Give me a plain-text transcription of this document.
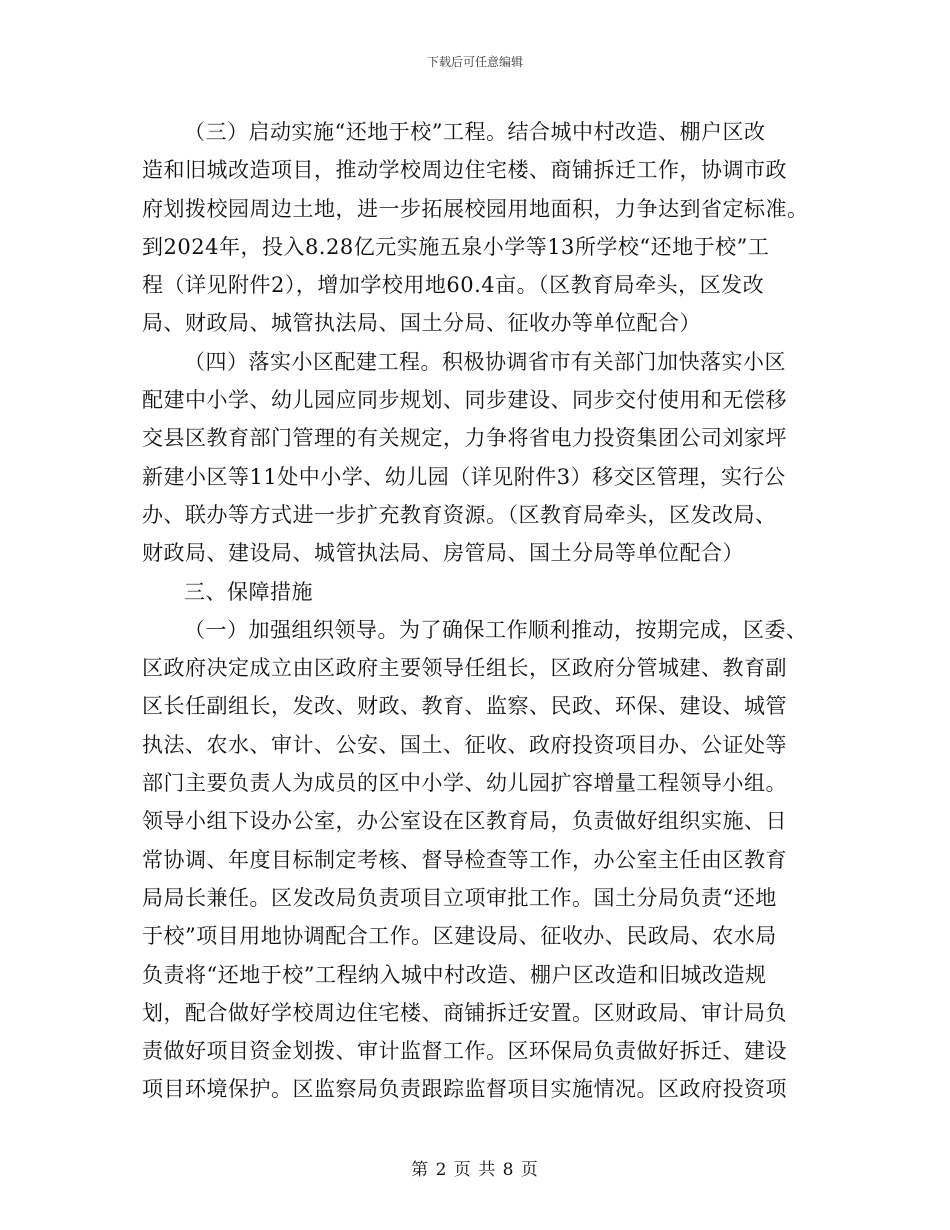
下载后可任意编辑
（三）启动实施“还地于校”工程。结合城中村改造、棚户区改
造和旧城改造项目，推动学校周边住宅楼、商铺拆迁工作，协调市政
府划拨校园周边土地，进一步拓展校园用地面积，力争达到省定标准。
到2024年，投入8.28亿元实施五泉小学等13所学校“还地于校”工
程（详见附件2），增加学校用地60.4亩。（区教育局牵头，区发改
局、财政局、城管执法局、国土分局、征收办等单位配合）
（四）落实小区配建工程。积极协调省市有关部门加快落实小区
配建中小学、幼儿园应同步规划、同步建设、同步交付使用和无偿移
交县区教育部门管理的有关规定，力争将省电力投资集团公司刘家坪
新建小区等11处中小学、幼儿园（详见附件3）移交区管理，实行公
办、联办等方式进一步扩充教育资源。（区教育局牵头，区发改局、
财政局、建设局、城管执法局、房管局、国土分局等单位配合）
三、保障措施
（一）加强组织领导。为了确保工作顺利推动，按期完成，区委、
区政府决定成立由区政府主要领导任组长，区政府分管城建、教育副
区长任副组长，发改、财政、教育、监察、民政、环保、建设、城管
执法、农水、审计、公安、国土、征收、政府投资项目办、公证处等
部门主要负责人为成员的区中小学、幼儿园扩容增量工程领导小组。
领导小组下设办公室，办公室设在区教育局，负责做好组织实施、日
常协调、年度目标制定考核、督导检查等工作，办公室主任由区教育
局局长兼任。区发改局负责项目立项审批工作。国土分局负责“还地
于校”项目用地协调配合工作。区建设局、征收办、民政局、农水局
负责将“还地于校”工程纳入城中村改造、棚户区改造和旧城改造规
划，配合做好学校周边住宅楼、商铺拆迁安置。区财政局、审计局负
责做好项目资金划拨、审计监督工作。区环保局负责做好拆迁、建设
项目环境保护。区监察局负责跟踪监督项目实施情况。区政府投资项
第 2 页 共 8 页
